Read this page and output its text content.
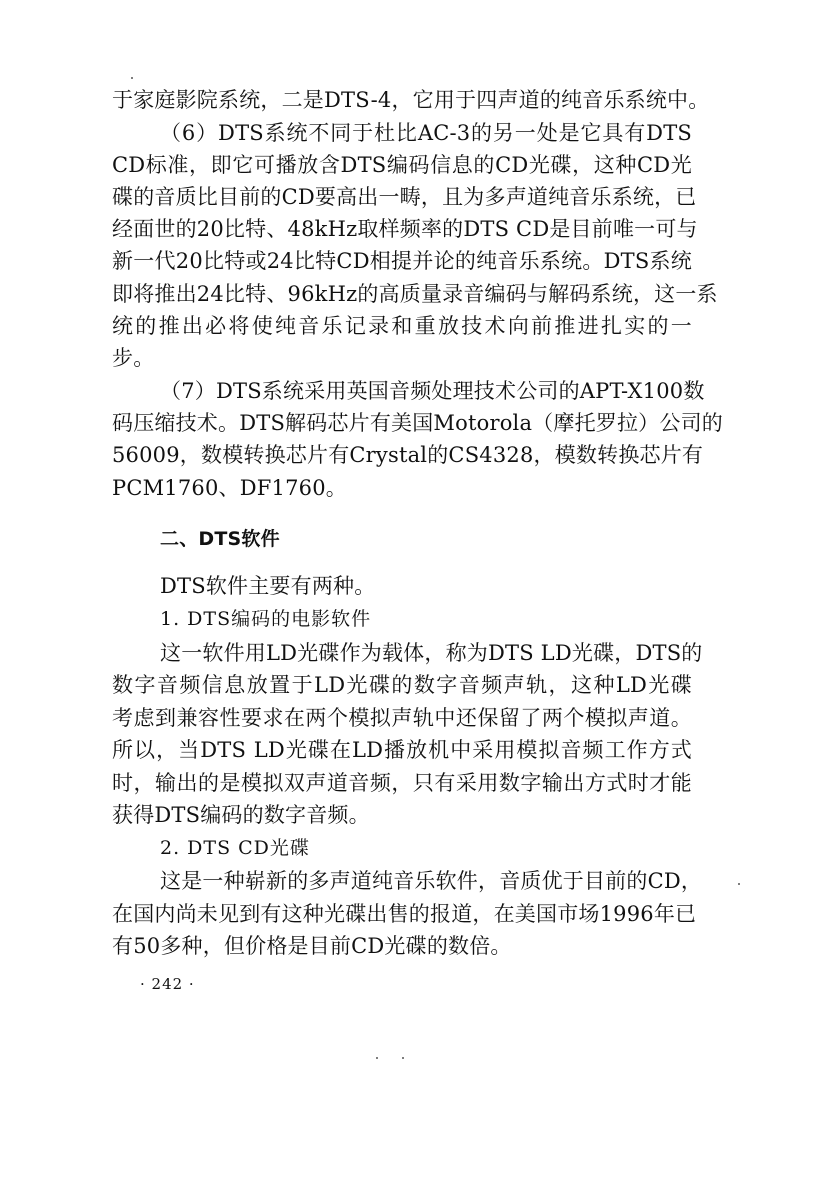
于家庭影院系统，二是DTS-4，它用于四声道的纯音乐系统中。
（6）DTS系统不同于杜比AC-3的另一处是它具有DTS
CD标准，即它可播放含DTS编码信息的CD光碟，这种CD光
碟的音质比目前的CD要高出一畴，且为多声道纯音乐系统，已
经面世的20比特、48kHz取样频率的DTS CD是目前唯一可与
新一代20比特或24比特CD相提并论的纯音乐系统。DTS系统
即将推出24比特、96kHz的高质量录音编码与解码系统，这一系
统的推出必将使纯音乐记录和重放技术向前推进扎实的一
步。
（7）DTS系统采用英国音频处理技术公司的APT-X100数
码压缩技术。DTS解码芯片有美国Motorola（摩托罗拉）公司的
56009，数模转换芯片有Crystal的CS4328，模数转换芯片有
PCM1760、DF1760。
二、DTS软件
DTS软件主要有两种。
1. DTS编码的电影软件
这一软件用LD光碟作为载体，称为DTS LD光碟，DTS的
数字音频信息放置于LD光碟的数字音频声轨，这种LD光碟
考虑到兼容性要求在两个模拟声轨中还保留了两个模拟声道。
所以，当DTS LD光碟在LD播放机中采用模拟音频工作方式
时，输出的是模拟双声道音频，只有采用数字输出方式时才能
获得DTS编码的数字音频。
2. DTS CD光碟
这是一种崭新的多声道纯音乐软件，音质优于目前的CD，
在国内尚未见到有这种光碟出售的报道，在美国市场1996年已
有50多种，但价格是目前CD光碟的数倍。
· 242 ·
